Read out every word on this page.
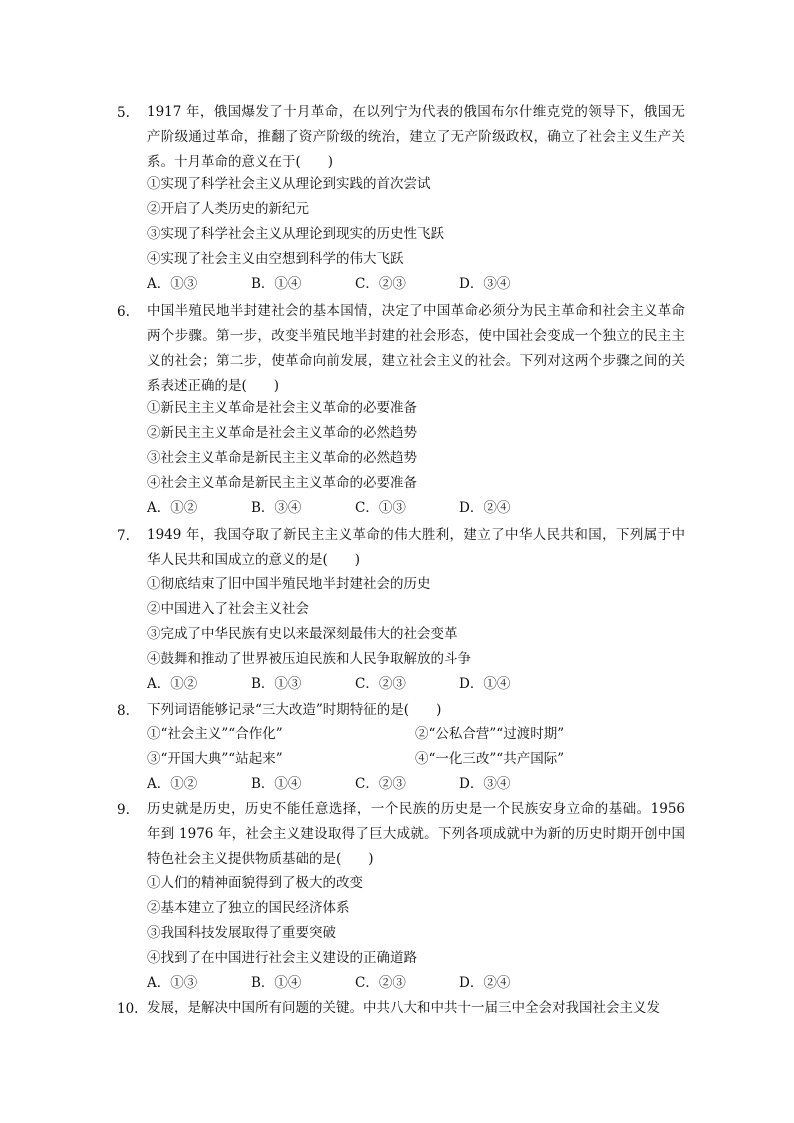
5. 1917 年，俄国爆发了十月革命，在以列宁为代表的俄国布尔什维克党的领导下，俄国无产阶级通过革命，推翻了资产阶级的统治，建立了无产阶级政权，确立了社会主义生产关系。十月革命的意义在于(　　)
①实现了科学社会主义从理论到实践的首次尝试
②开启了人类历史的新纪元
③实现了科学社会主义从理论到现实的历史性飞跃
④实现了社会主义由空想到科学的伟大飞跃
A．①③	B．①④	C．②③	D．③④
6. 中国半殖民地半封建社会的基本国情，决定了中国革命必须分为民主革命和社会主义革命两个步骤。第一步，改变半殖民地半封建的社会形态，使中国社会变成一个独立的民主主义的社会；第二步，使革命向前发展，建立社会主义的社会。下列对这两个步骤之间的关系表述正确的是(　　)
①新民主主义革命是社会主义革命的必要准备
②新民主主义革命是社会主义革命的必然趋势
③社会主义革命是新民主主义革命的必然趋势
④社会主义革命是新民主主义革命的必要准备
A．①②	B．③④	C．①③	D．②④
7. 1949 年，我国夺取了新民主主义革命的伟大胜利，建立了中华人民共和国，下列属于中华人民共和国成立的意义的是(　　)
①彻底结束了旧中国半殖民地半封建社会的历史
②中国进入了社会主义社会
③完成了中华民族有史以来最深刻最伟大的社会变革
④鼓舞和推动了世界被压迫民族和人民争取解放的斗争
A．①②	B．①③	C．②③	D．①④
8. 下列词语能够记录“三大改造”时期特征的是(　　)
①“社会主义”“合作化”	②“公私合营”“过渡时期”
③“开国大典”“站起来”	④“一化三改”“共产国际”
A．①②	B．①④	C．②③	D．③④
9. 历史就是历史，历史不能任意选择，一个民族的历史是一个民族安身立命的基础。1956 年到 1976 年，社会主义建设取得了巨大成就。下列各项成就中为新的历史时期开创中国特色社会主义提供物质基础的是(　　)
①人们的精神面貌得到了极大的改变
②基本建立了独立的国民经济体系
③我国科技发展取得了重要突破
④找到了在中国进行社会主义建设的正确道路
A．①③	B．①④	C．②③	D．②④
10. 发展，是解决中国所有问题的关键。中共八大和中共十一届三中全会对我国社会主义发
